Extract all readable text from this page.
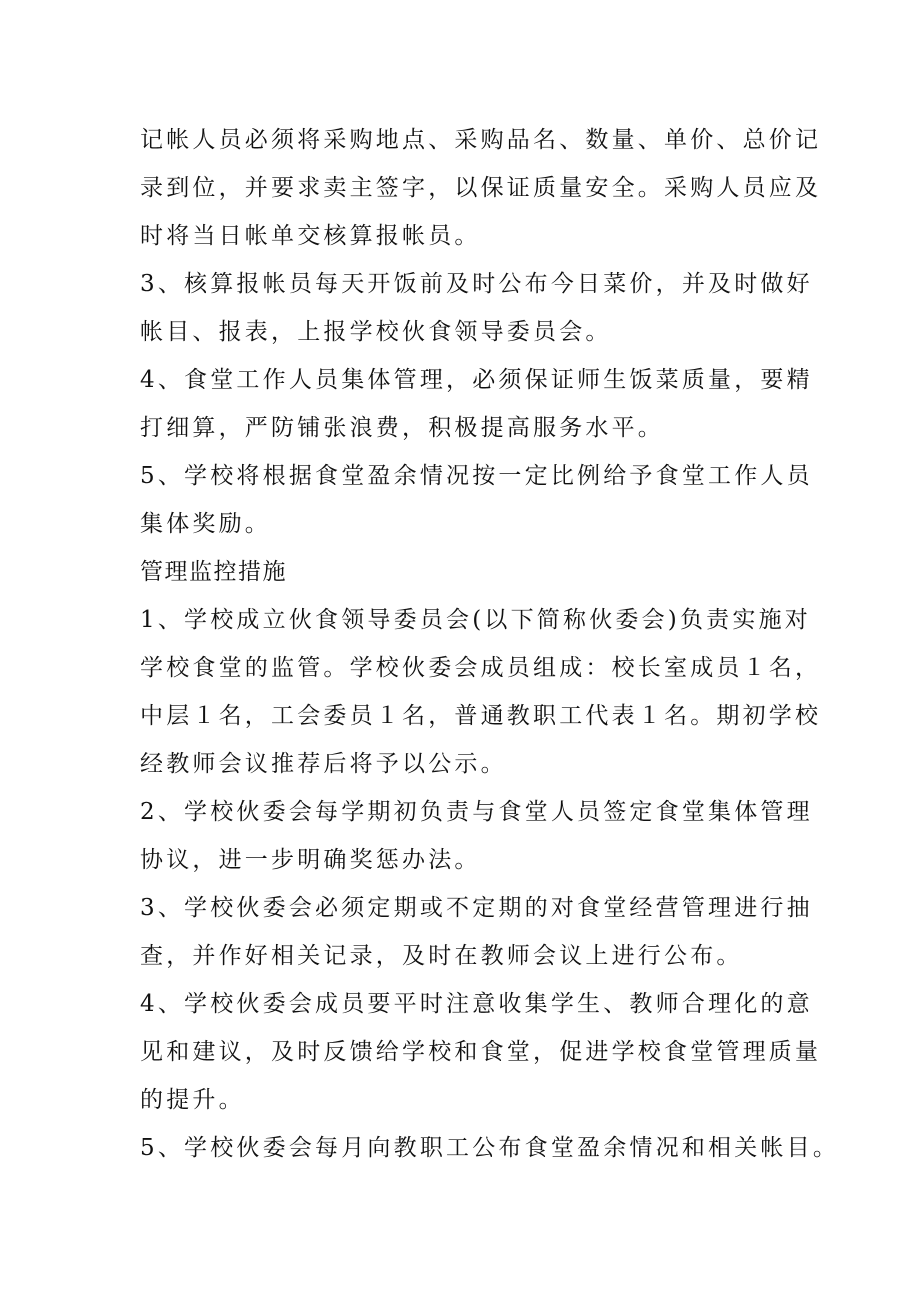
记帐人员必须将采购地点、采购品名、数量、单价、总价记
录到位，并要求卖主签字，以保证质量安全。采购人员应及
时将当日帐单交核算报帐员。
3、核算报帐员每天开饭前及时公布今日菜价，并及时做好
帐目、报表，上报学校伙食领导委员会。
4、食堂工作人员集体管理，必须保证师生饭菜质量，要精
打细算，严防铺张浪费，积极提高服务水平。
5、学校将根据食堂盈余情况按一定比例给予食堂工作人员
集体奖励。
管理监控措施
1、学校成立伙食领导委员会(以下简称伙委会)负责实施对
学校食堂的监管。学校伙委会成员组成：校长室成员１名，
中层１名，工会委员１名，普通教职工代表１名。期初学校
经教师会议推荐后将予以公示。
2、学校伙委会每学期初负责与食堂人员签定食堂集体管理
协议，进一步明确奖惩办法。
3、学校伙委会必须定期或不定期的对食堂经营管理进行抽
查，并作好相关记录，及时在教师会议上进行公布。
4、学校伙委会成员要平时注意收集学生、教师合理化的意
见和建议，及时反馈给学校和食堂，促进学校食堂管理质量
的提升。
5、学校伙委会每月向教职工公布食堂盈余情况和相关帐目。
